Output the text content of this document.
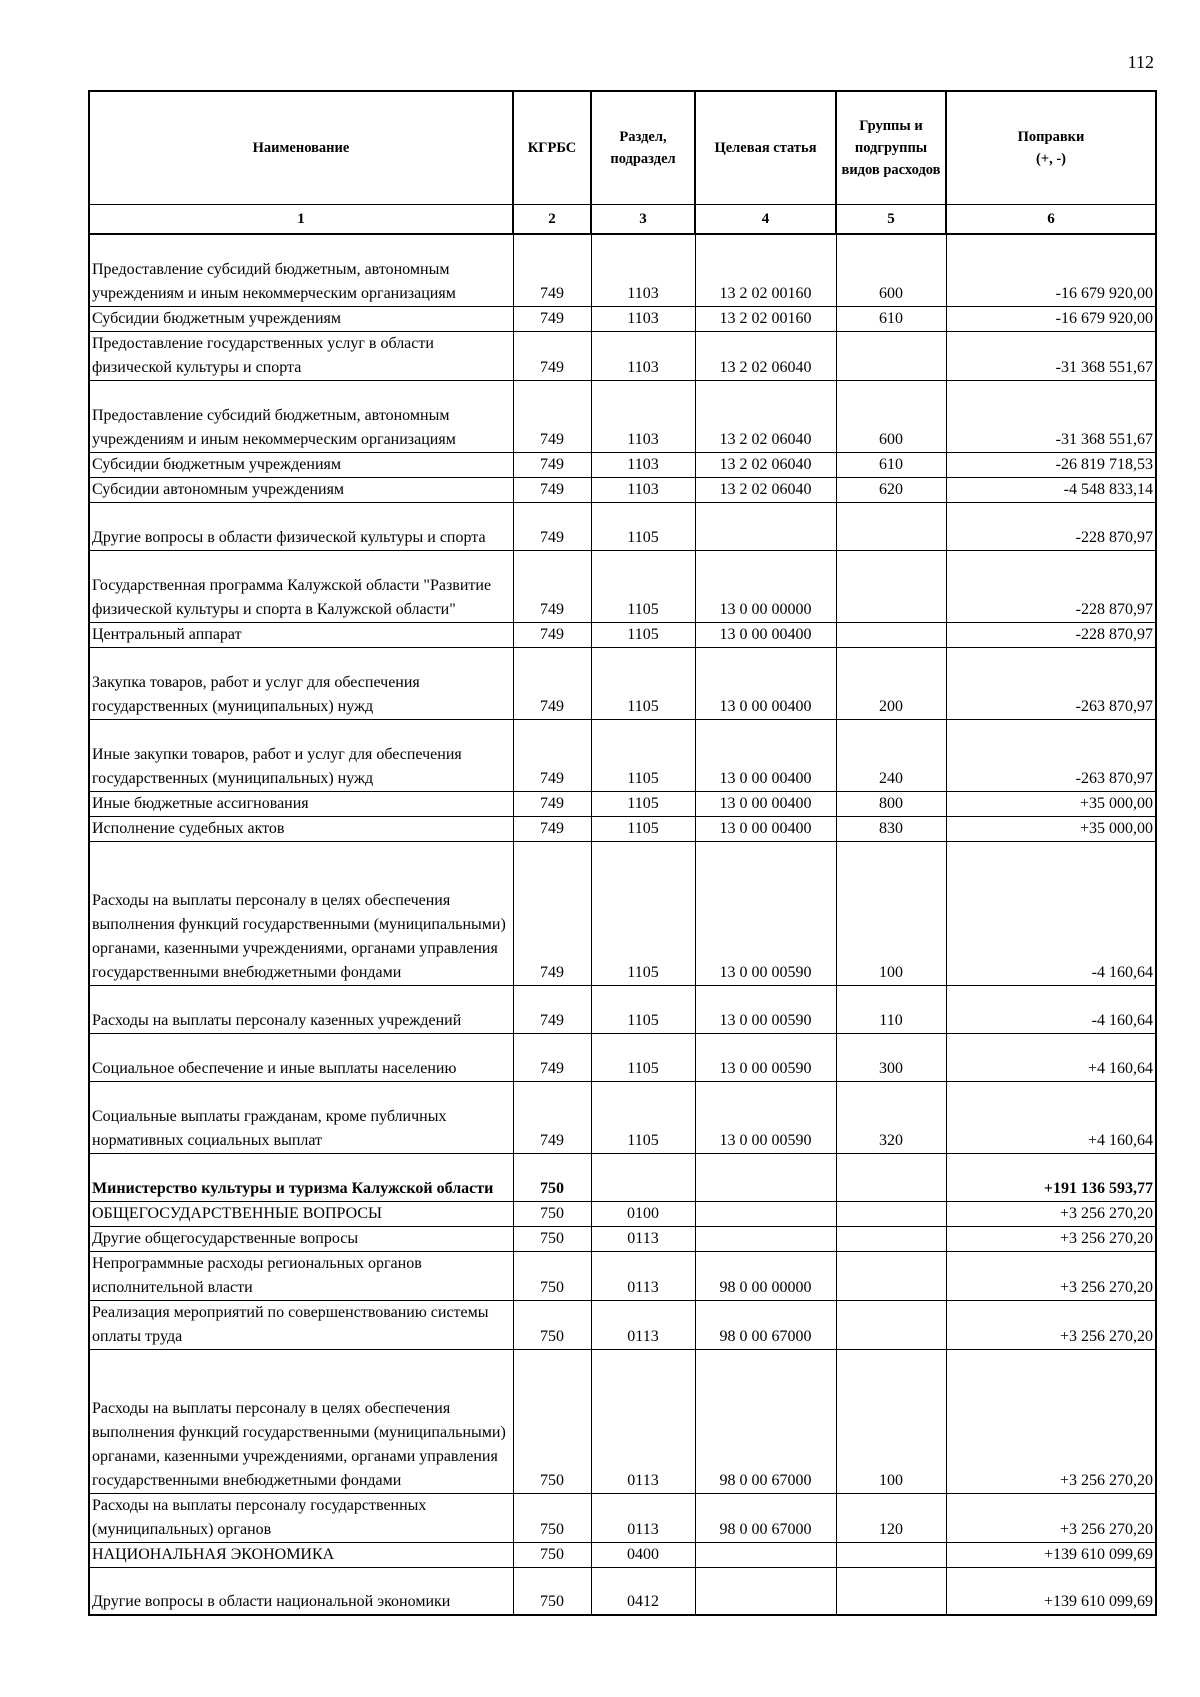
112
Наименование	КГРБС	Раздел, подраздел	Целевая статья	Группы и подгруппы видов расходов	Поправки
(+, -)
1	2	3	4	5	6
Предоставление субсидий бюджетным, автономным учреждениям и иным некоммерческим организациям	749	1103	13 2 02 00160	600	-16 679 920,00
Субсидии бюджетным учреждениям	749	1103	13 2 02 00160	610	-16 679 920,00
Предоставление государственных услуг в области физической культуры и спорта	749	1103	13 2 02 06040		-31 368 551,67
Предоставление субсидий бюджетным, автономным учреждениям и иным некоммерческим организациям	749	1103	13 2 02 06040	600	-31 368 551,67
Субсидии бюджетным учреждениям	749	1103	13 2 02 06040	610	-26 819 718,53
Субсидии автономным учреждениям	749	1103	13 2 02 06040	620	-4 548 833,14
Другие вопросы в области физической культуры и спорта	749	1105			-228 870,97
Государственная программа Калужской области "Развитие физической культуры и спорта в Калужской области"	749	1105	13 0 00 00000		-228 870,97
Центральный аппарат	749	1105	13 0 00 00400		-228 870,97
Закупка товаров, работ и услуг для обеспечения государственных (муниципальных) нужд	749	1105	13 0 00 00400	200	-263 870,97
Иные закупки товаров, работ и услуг для обеспечения государственных (муниципальных) нужд	749	1105	13 0 00 00400	240	-263 870,97
Иные бюджетные ассигнования	749	1105	13 0 00 00400	800	+35 000,00
Исполнение судебных актов	749	1105	13 0 00 00400	830	+35 000,00
Расходы на выплаты персоналу в целях обеспечения выполнения функций государственными (муниципальными) органами, казенными учреждениями, органами управления государственными внебюджетными фондами	749	1105	13 0 00 00590	100	-4 160,64
Расходы на выплаты персоналу казенных учреждений	749	1105	13 0 00 00590	110	-4 160,64
Социальное обеспечение и иные выплаты населению	749	1105	13 0 00 00590	300	+4 160,64
Социальные выплаты гражданам, кроме публичных нормативных социальных выплат	749	1105	13 0 00 00590	320	+4 160,64
Министерство культуры и туризма Калужской области	750				+191 136 593,77
ОБЩЕГОСУДАРСТВЕННЫЕ ВОПРОСЫ	750	0100			+3 256 270,20
Другие общегосударственные вопросы	750	0113			+3 256 270,20
Непрограммные расходы региональных органов исполнительной власти	750	0113	98 0 00 00000		+3 256 270,20
Реализация мероприятий по совершенствованию системы оплаты труда	750	0113	98 0 00 67000		+3 256 270,20
Расходы на выплаты персоналу в целях обеспечения выполнения функций государственными (муниципальными) органами, казенными учреждениями, органами управления государственными внебюджетными фондами	750	0113	98 0 00 67000	100	+3 256 270,20
Расходы на выплаты персоналу государственных (муниципальных) органов	750	0113	98 0 00 67000	120	+3 256 270,20
НАЦИОНАЛЬНАЯ ЭКОНОМИКА	750	0400			+139 610 099,69
Другие вопросы в области национальной экономики	750	0412			+139 610 099,69
